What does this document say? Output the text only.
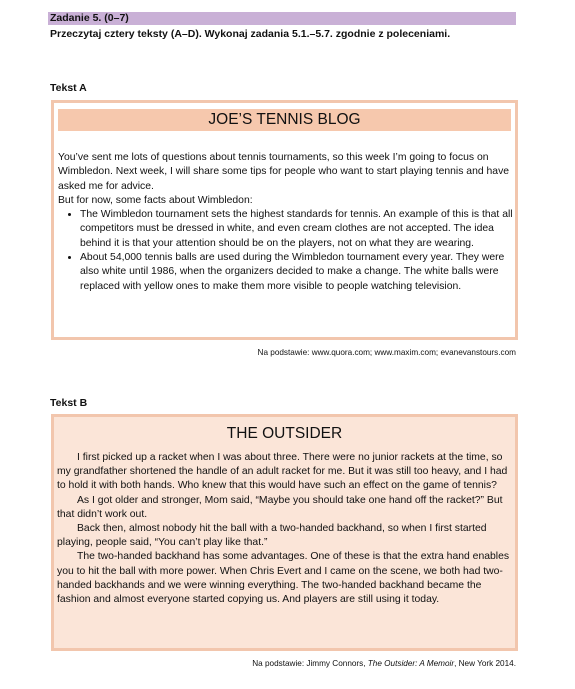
Zadanie 5. (0–7)
Przeczytaj cztery teksty (A–D). Wykonaj zadania 5.1.–5.7. zgodnie z poleceniami.
Tekst A
JOE’S TENNIS BLOG

You’ve sent me lots of questions about tennis tournaments, so this week I’m going to focus on Wimbledon. Next week, I will share some tips for people who want to start playing tennis and have asked me for advice.

But for now, some facts about Wimbledon:

• The Wimbledon tournament sets the highest standards for tennis. An example of this is that all competitors must be dressed in white, and even cream clothes are not accepted. The idea behind it is that your attention should be on the players, not on what they are wearing.
• About 54,000 tennis balls are used during the Wimbledon tournament every year. They were also white until 1986, when the organizers decided to make a change. The white balls were replaced with yellow ones to make them more visible to people watching television.
Na podstawie: www.quora.com; www.maxim.com; evanevanstours.com
Tekst B
THE OUTSIDER

I first picked up a racket when I was about three. There were no junior rackets at the time, so my grandfather shortened the handle of an adult racket for me. But it was still too heavy, and I had to hold it with both hands. Who knew that this would have such an effect on the game of tennis?

As I got older and stronger, Mom said, “Maybe you should take one hand off the racket?” But that didn’t work out.

Back then, almost nobody hit the ball with a two-handed backhand, so when I first started playing, people said, “You can’t play like that.”

The two-handed backhand has some advantages. One of these is that the extra hand enables you to hit the ball with more power. When Chris Evert and I came on the scene, we both had two-handed backhands and we were winning everything. The two-handed backhand became the fashion and almost everyone started copying us. And players are still using it today.

Na podstawie: Jimmy Connors, The Outsider: A Memoir, New York 2014.
